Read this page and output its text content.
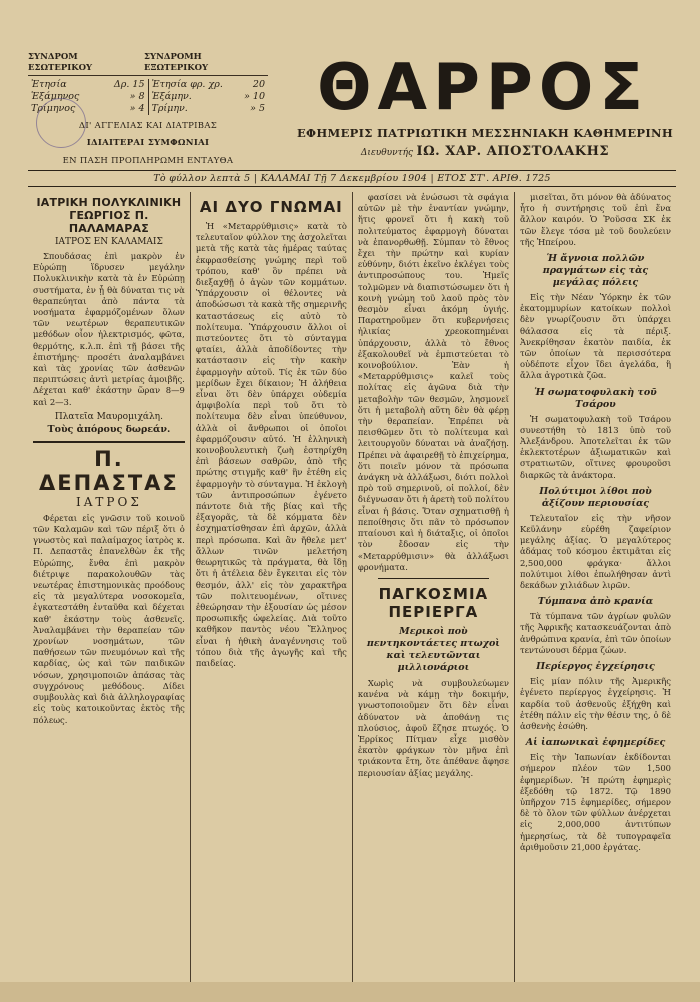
ΣΥΝΔΡΟΜ ΕΣΩΤΕΡΙΚΟΥ
ΣΥΝΔΡΟΜΗ ΕΞΩΤΕΡΙΚΟΥ
Ἐτησία	Δρ. 15
Ἑξάμηνος	» 8
Τρίμηνος	» 4
Ἐτησία φρ. χρ.	20
Ἑξάμην.	» 10
Τρίμην.	» 5
ΔΙ' ΑΓΓΕΛΙΑΣ ΚΑΙ ΔΙΑΤΡΙΒΑΣ
ΙΔΙΑΙΤΕΡΑΙ ΣΥΜΦΩΝΙΑΙ
ΕΝ ΠΑΣΗ ΠΡΟΠΛΗΡΩΜΗ ΕΝΤΑΥΘΑ
ΘΑΡΡΟΣ
ΕΦΗΜΕΡΙΣ ΠΑΤΡΙΩΤΙΚΗ ΜΕΣΣΗΝΙΑΚΗ ΚΑΘΗΜΕΡΙΝΗ
Διευθυντής ΙΩ. ΧΑΡ. ΑΠΟΣΤΟΛΑΚΗΣ
Τὸ φύλλον λεπτὰ 5 | ΚΑΛΑΜΑΙ Τῇ 7 Δεκεμβρίου 1904 | ΕΤΟΣ ΣΤ'. ΑΡΙΘ. 1725
ΙΑΤΡΙΚΗ ΠΟΛΥΚΛΙΝΙΚΗ
ΓΕΩΡΓΙΟΣ Π. ΠΑΛΑΜΑΡΑΣ
ΙΑΤΡΟΣ ΕΝ ΚΑΛΑΜΑΙΣ

Σπουδάσας ἐπὶ μακρὸν ἐν Εὐρώπῃ ἵδρυσεν μεγάλην Πολυκλινικὴν κατὰ τὰ ἐν Εὐρώπῃ συστήματα, ἐν ᾗ θὰ δύναται τις νὰ θεραπεύηται ἀπὸ πάντα τὰ νοσήματα ἐφαρμόζομένων ὅλων τῶν νεωτέρων θεραπευτικῶν μεθόδων οἷον ἠλεκτρισμός, φῶτα, θερμότης, κ.λ.π. ἐπὶ τῇ βάσει τῆς ἐπιστήμης· προσέτι ἀναλαμβάνει καὶ τὰς χρονίας τῶν ἀσθενῶν περιπτώσεις ἀντὶ μετρίας ἀμοιβῆς. Δέχεται καθ' ἑκάστην ὥραν 8—9 καὶ 2—3.

Πλατεῖα Μαυρομιχάλη.
Τοὺς ἀπόρους δωρεάν.
Π. ΔΕΠΑΣΤΑΣ
ΙΑΤΡΟΣ

Φέρεται εἰς γνῶσιν τοῦ κοινοῦ τῶν Καλαμῶν καὶ τῶν πέριξ ὅτι ὁ γνωστὸς καὶ παλαίμαχος ἰατρὸς κ. Π. Δεπαστᾶς ἐπανελθὼν ἐκ τῆς Εὐρώπης, ἔνθα ἐπὶ μακρὸν διέτριψε παρακολουθῶν τὰς νεωτέρας ἐπιστημονικὰς προόδους εἰς τὰ μεγαλύτερα νοσοκομεῖα, ἐγκατεστάθη ἐνταῦθα καὶ δέχεται καθ' ἑκάστην τοὺς ἀσθενεῖς. Ἀναλαμβάνει τὴν θεραπείαν τῶν χρονίων νοσημάτων, τῶν παθήσεων τῶν πνευμόνων καὶ τῆς καρδίας, ὡς καὶ τῶν παιδικῶν νόσων, χρησιμοποιῶν ἀπάσας τὰς συγχρόνους μεθόδους. Δίδει συμβουλὰς καὶ διὰ ἀλληλογραφίας εἰς τοὺς κατοικοῦντας ἐκτὸς τῆς πόλεως.

ΑΙ ΔΥΟ ΓΝΩΜΑΙ

Ἡ «Μεταρρύθμισις» κατὰ τὸ τελευταῖον φύλλον της ἀσχολεῖται μετὰ τῆς κατὰ τὰς ἡμέρας ταύτας ἐκφρασθείσης γνώμης περὶ τοῦ τρόπου, καθ' ὃν πρέπει νὰ διεξαχθῇ ὁ ἀγὼν τῶν κομμάτων. Ὑπάρχουσιν οἱ θέλοντες νὰ ἀποδώσωσι τὰ κακὰ τῆς σημερινῆς καταστάσεως εἰς αὐτὸ τὸ πολίτευμα. Ὑπάρχουσιν ἄλλοι οἱ πιστεύοντες ὅτι τὸ σύνταγμα φταίει, ἀλλὰ ἀποδίδοντες τὴν κατάστασιν εἰς τὴν κακὴν ἐφαρμογὴν αὐτοῦ. Τίς ἐκ τῶν δύο μερίδων ἔχει δίκαιον; Ἡ ἀλήθεια εἶναι ὅτι δὲν ὑπάρχει οὐδεμία ἀμφιβολία περὶ τοῦ ὅτι τὸ πολίτευμα δὲν εἶναι ὑπεύθυνον, ἀλλὰ οἱ ἄνθρωποι οἱ ὁποῖοι ἐφαρμόζουσιν αὐτό. Ἡ ἑλληνικὴ κοινοβουλευτικὴ ζωὴ ἐστηρίχθη ἐπὶ βάσεων σαθρῶν, ἀπὸ τῆς πρώτης στιγμῆς καθ' ἣν ἐτέθη εἰς ἐφαρμογὴν τὸ σύνταγμα. Ἡ ἐκλογὴ τῶν ἀντιπροσώπων ἐγένετο πάντοτε διὰ τῆς βίας καὶ τῆς ἐξαγορᾶς, τὰ δὲ κόμματα δὲν ἐσχηματίσθησαν ἐπὶ ἀρχῶν, ἀλλὰ περὶ πρόσωπα. Καὶ ἂν ἤθελε μετ' ἄλλων τινῶν μελετήση θεωρητικῶς τὰ πράγματα, θὰ ἴδῃ ὅτι ἡ ἀτέλεια δὲν ἔγκειται εἰς τὸν θεσμόν, ἀλλ' εἰς τὸν χαρακτῆρα τῶν πολιτευομένων, οἵτινες ἐθεώρησαν τὴν ἐξουσίαν ὡς μέσον προσωπικῆς ὠφελείας. Διὰ τοῦτο καθῆκον παντὸς νέου Ἕλληνος εἶναι ἡ ἠθικὴ ἀναγέννησις τοῦ τόπου διὰ τῆς ἀγωγῆς καὶ τῆς παιδείας.

φασίσει νὰ ἐνώσωσι τὰ σφάγια αὐτῶν μὲ τὴν ἐναντίαν γνώμην, ἥτις φρονεῖ ὅτι ἡ κακὴ τοῦ πολιτεύματος ἐφαρμογὴ δύναται νὰ ἐπανορθωθῇ. Σύμπαν τὸ ἔθνος ἔχει τὴν πρώτην καὶ κυρίαν εὐθύνην, διότι ἐκεῖνο ἐκλέγει τοὺς ἀντιπροσώπους του. Ἡμεῖς τολμῶμεν νὰ διαπιστώσωμεν ὅτι ἡ κοινὴ γνώμη τοῦ λαοῦ πρὸς τὸν θεσμὸν εἶναι ἀκόμη ὑγιής. Παρατηροῦμεν ὅτι κυβερνήσεις ἡλικίας χρεοκοπημέναι ὑπάρχουσιν, ἀλλὰ τὸ ἔθνος ἐξακολουθεῖ νὰ ἐμπιστεύεται τὸ κοινοβούλιον. Ἐὰν ἡ «Μεταρρύθμισις» καλεῖ τοὺς πολίτας εἰς ἀγῶνα διὰ τὴν μεταβολὴν τῶν θεσμῶν, λησμονεῖ ὅτι ἡ μεταβολὴ αὕτη δὲν θὰ φέρῃ τὴν θεραπείαν. Ἐπρέπει νὰ πεισθῶμεν ὅτι τὸ πολίτευμα καὶ λειτουργοῦν δύναται νὰ ἀναζήσῃ. Πρέπει νὰ ἀφαιρεθῇ τὸ ἐπιχείρημα, ὅτι ποιεῖν μόνον τὰ πρόσωπα ἀνάγκη νὰ ἀλλάξωσι, διότι πολλοὶ πρὸ τοῦ σημερινοῦ, οἱ πολλοί, δὲν διέγνωσαν ὅτι ἡ ἀρετὴ τοῦ πολίτου εἶναι ἡ βάσις. Ὅταν σχηματισθῇ ἡ πεποίθησις ὅτι πᾶν τὸ πρόσωπον πταίουσι καὶ ἡ διάταξις, οἱ ὁποῖοι τὸν ἔδοσαν εἰς τὴν «Μεταρρύθμισιν» θὰ ἀλλάξωσι φρονήματα.

ΠΑΓΚΟΣΜΙΑ ΠΕΡΙΕΡΓΑ
Μερικοὶ ποὺ πεντηκοντάετες πτωχοὶ καὶ τελευτῶνται μιλλιονάριοι

Χωρὶς νὰ συμβουλεύωμεν κανένα νὰ κάμῃ τὴν δοκιμήν, γνωστοποιοῦμεν ὅτι δὲν εἶναι ἀδύνατον νὰ ἀποθάνῃ τις πλούσιος, ἀφοῦ ἔζησε πτωχός. Ὁ Ἐρρίκος Πίτμαν εἶχε μισθὸν ἑκατὸν φράγκων τὸν μῆνα ἐπὶ τριάκοντα ἔτη, ὅτε ἀπέθανε ἄφησε περιουσίαν ἀξίας μεγάλης.

μισεῖται, ὅτι μόνον θὰ ἀδύνατος ἦτο ἡ συντήρησις τοῦ ἐπὶ ἕνα ἄλλον καιρόν. Ὁ Ῥοῦσσα ΣΚ ἐκ τῶν ἔλεγε τόσα μὲ τοῦ δουλεύειν τῆς Ἡπείρου.

Ἡ ἄγνοια πολλῶν πραγμάτων εἰς τὰς μεγάλας πόλεις

Εἰς τὴν Νέαν Ὑόρκην ἐκ τῶν ἑκατομμυρίων κατοίκων πολλοὶ δὲν γνωρίζουσιν ὅτι ὑπάρχει θάλασσα εἰς τὰ πέριξ. Ἀνεκρίθησαν ἑκατὸν παιδία, ἐκ τῶν ὁποίων τὰ περισσότερα οὐδέποτε εἶχον ἴδει ἀγελάδα, ἢ ἄλλα ἀγροτικὰ ζῶα.

Ἡ σωματοφυλακὴ τοῦ Τσάρου

Ἡ σωματοφυλακὴ τοῦ Τσάρου συνεστήθη τὸ 1813 ὑπὸ τοῦ Ἀλεξάνδρου. Ἀποτελεῖται ἐκ τῶν ἐκλεκτοτέρων ἀξιωματικῶν καὶ στρατιωτῶν, οἵτινες φρουροῦσι διαρκῶς τὰ ἀνάκτορα.

Πολύτιμοι λίθοι ποὺ ἀξίζουν περιουσίας

Τελευταῖον εἰς τὴν νῆσον Κεϋλάνην εὑρέθη ζαφείριον μεγάλης ἀξίας. Ὁ μεγαλύτερος ἀδάμας τοῦ κόσμου ἐκτιμᾶται εἰς 2,500,000 φράγκα· ἄλλοι πολύτιμοι λίθοι ἐπωλήθησαν ἀντὶ δεκάδων χιλιάδων λιρῶν.

Τύμπανα ἀπὸ κρανία

Τὰ τύμπανα τῶν ἀγρίων φυλῶν τῆς Ἀφρικῆς κατασκευάζονται ἀπὸ ἀνθρώπινα κρανία, ἐπὶ τῶν ὁποίων τεντώνουσι δέρμα ζώων.

Περίεργος ἐγχείρησις

Εἰς μίαν πόλιν τῆς Ἀμερικῆς ἐγένετο περίεργος ἐγχείρησις. Ἡ καρδία τοῦ ἀσθενοῦς ἐξήχθη καὶ ἐτέθη πάλιν εἰς τὴν θέσιν της, ὁ δὲ ἀσθενὴς ἐσώθη.

Αἱ ἰαπωνικαὶ ἐφημερίδες

Εἰς τὴν Ἰαπωνίαν ἐκδίδονται σήμερον πλέον τῶν 1,500 ἐφημερίδων. Ἡ πρώτη ἐφημερὶς ἐξεδόθη τῷ 1872. Τῷ 1890 ὑπῆρχον 715 ἐφημερίδες, σήμερον δὲ τὸ ὅλον τῶν φύλλων ἀνέρχεται εἰς 2,000,000 ἀντιτύπων ἡμερησίως, τὰ δὲ τυπογραφεῖα ἀριθμοῦσιν 21,000 ἐργάτας.
